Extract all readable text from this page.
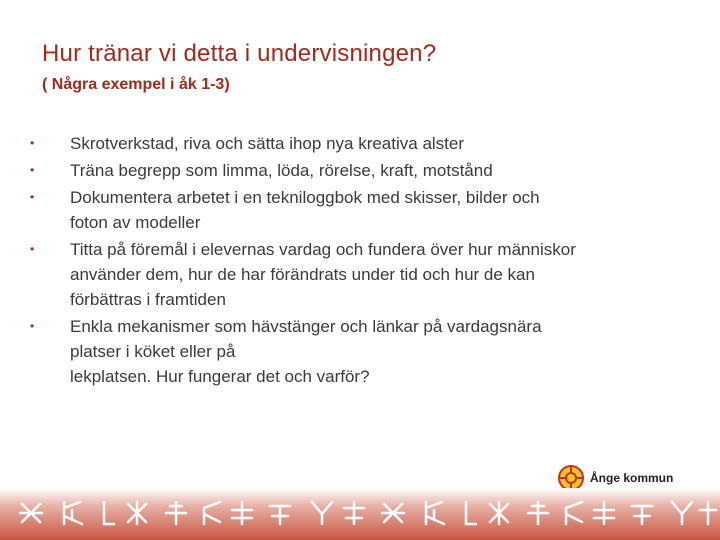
Hur tränar vi detta i undervisningen?
( Några exempel i åk 1-3)
• Skrotverkstad, riva och sätta ihop nya kreativa alster
• Träna begrepp som limma, löda, rörelse, kraft, motstånd
• Dokumentera arbetet i en tekniloggbok med skisser, bilder och
foton av modeller
• Titta på föremål i elevernas vardag och fundera över hur människor
använder dem, hur de har förändrats under tid och hur de kan
förbättras i framtiden
• Enkla mekanismer som hävstänger och länkar på vardagsnära
platser i köket eller på
lekplatsen. Hur fungerar det och varför?
Ånge kommun
